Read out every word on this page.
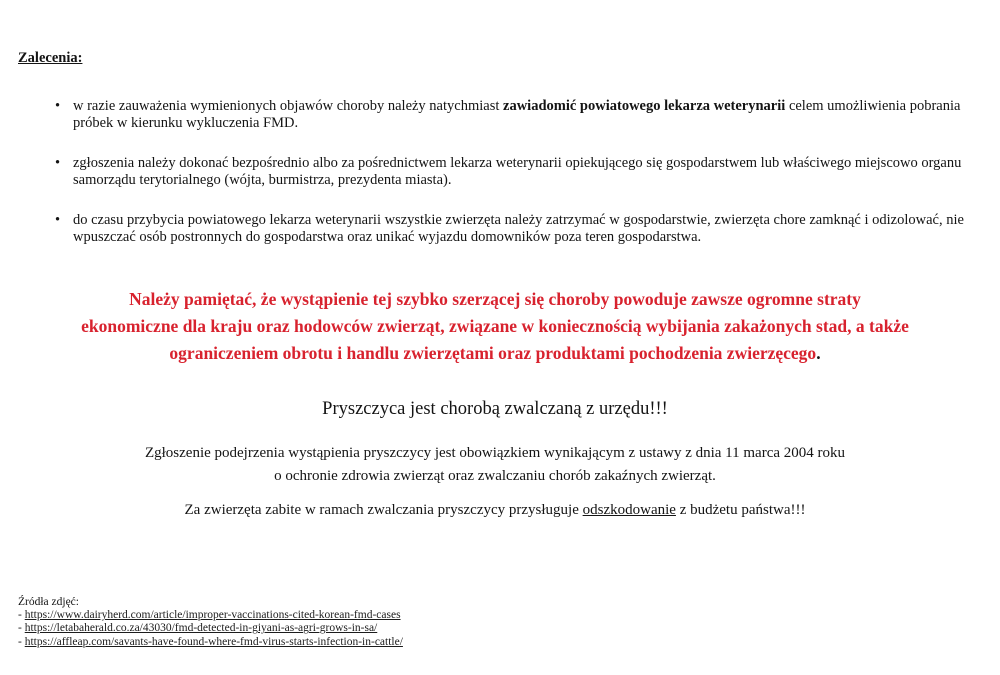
Zalecenia:
• w razie zauważenia wymienionych objawów choroby należy natychmiast zawiadomić powiatowego lekarza weterynarii celem umożliwienia pobrania
próbek w kierunku wykluczenia FMD.
• zgłoszenia należy dokonać bezpośrednio albo za pośrednictwem lekarza weterynarii opiekującego się gospodarstwem lub właściwego miejscowo organu
samorządu terytorialnego (wójta, burmistrza, prezydenta miasta).
• do czasu przybycia powiatowego lekarza weterynarii wszystkie zwierzęta należy zatrzymać w gospodarstwie, zwierzęta chore zamknąć i odizolować, nie
wpuszczać osób postronnych do gospodarstwa oraz unikać wyjazdu domowników poza teren gospodarstwa.
Należy pamiętać, że wystąpienie tej szybko szerzącej się choroby powoduje zawsze ogromne straty
ekonomiczne dla kraju oraz hodowców zwierząt, związane w koniecznością wybijania zakażonych stad, a także
ograniczeniem obrotu i handlu zwierzętami oraz produktami pochodzenia zwierzęcego.
Pryszczyca jest chorobą zwalczaną z urzędu!!!
Zgłoszenie podejrzenia wystąpienia pryszczycy jest obowiązkiem wynikającym z ustawy z dnia 11 marca 2004 roku
o ochronie zdrowia zwierząt oraz zwalczaniu chorób zakaźnych zwierząt.
Za zwierzęta zabite w ramach zwalczania pryszczycy przysługuje odszkodowanie z budżetu państwa!!!
Źródła zdjęć:
- https://www.dairyherd.com/article/improper-vaccinations-cited-korean-fmd-cases
- https://letabaherald.co.za/43030/fmd-detected-in-giyani-as-agri-grows-in-sa/
- https://affleap.com/savants-have-found-where-fmd-virus-starts-infection-in-cattle/
